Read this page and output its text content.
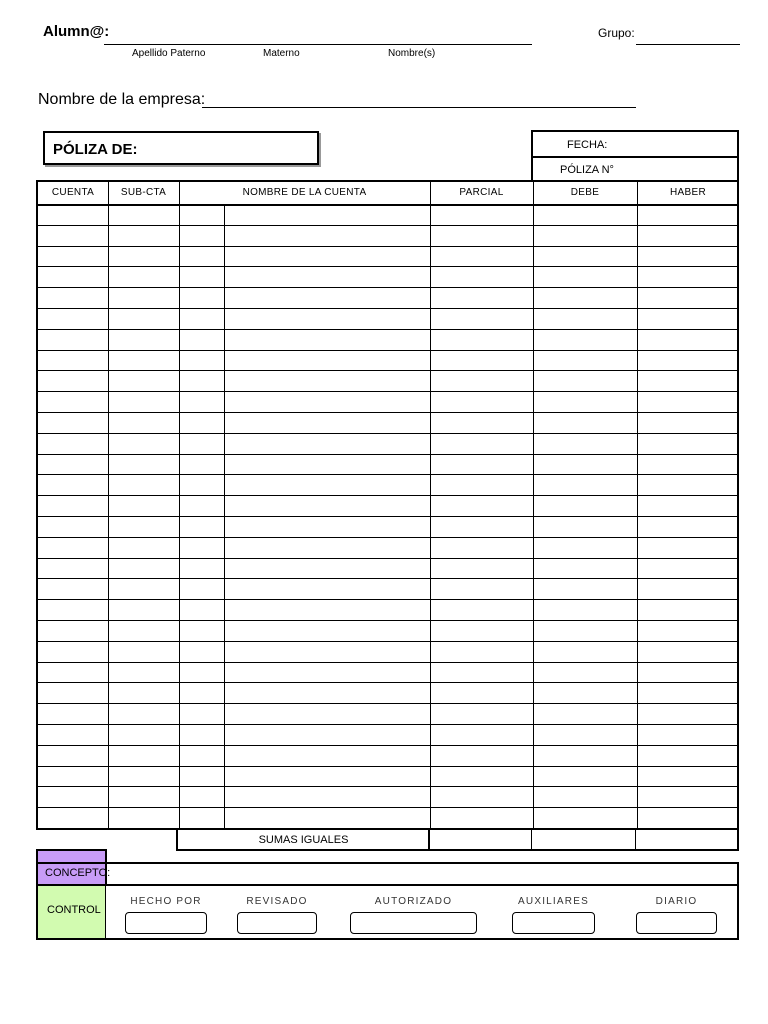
Alumn@:
Apellido Paterno	Materno	Nombre(s)
Grupo:
Nombre de la empresa:
PÓLIZA DE:	FECHA:
PÓLIZA N°
CUENTA	SUB-CTA	NOMBRE DE LA CUENTA	PARCIAL	DEBE	HABER
SUMAS IGUALES
CONCEPTO:
CONTROL
HECHO POR	REVISADO	AUTORIZADO	AUXILIARES	DIARIO
